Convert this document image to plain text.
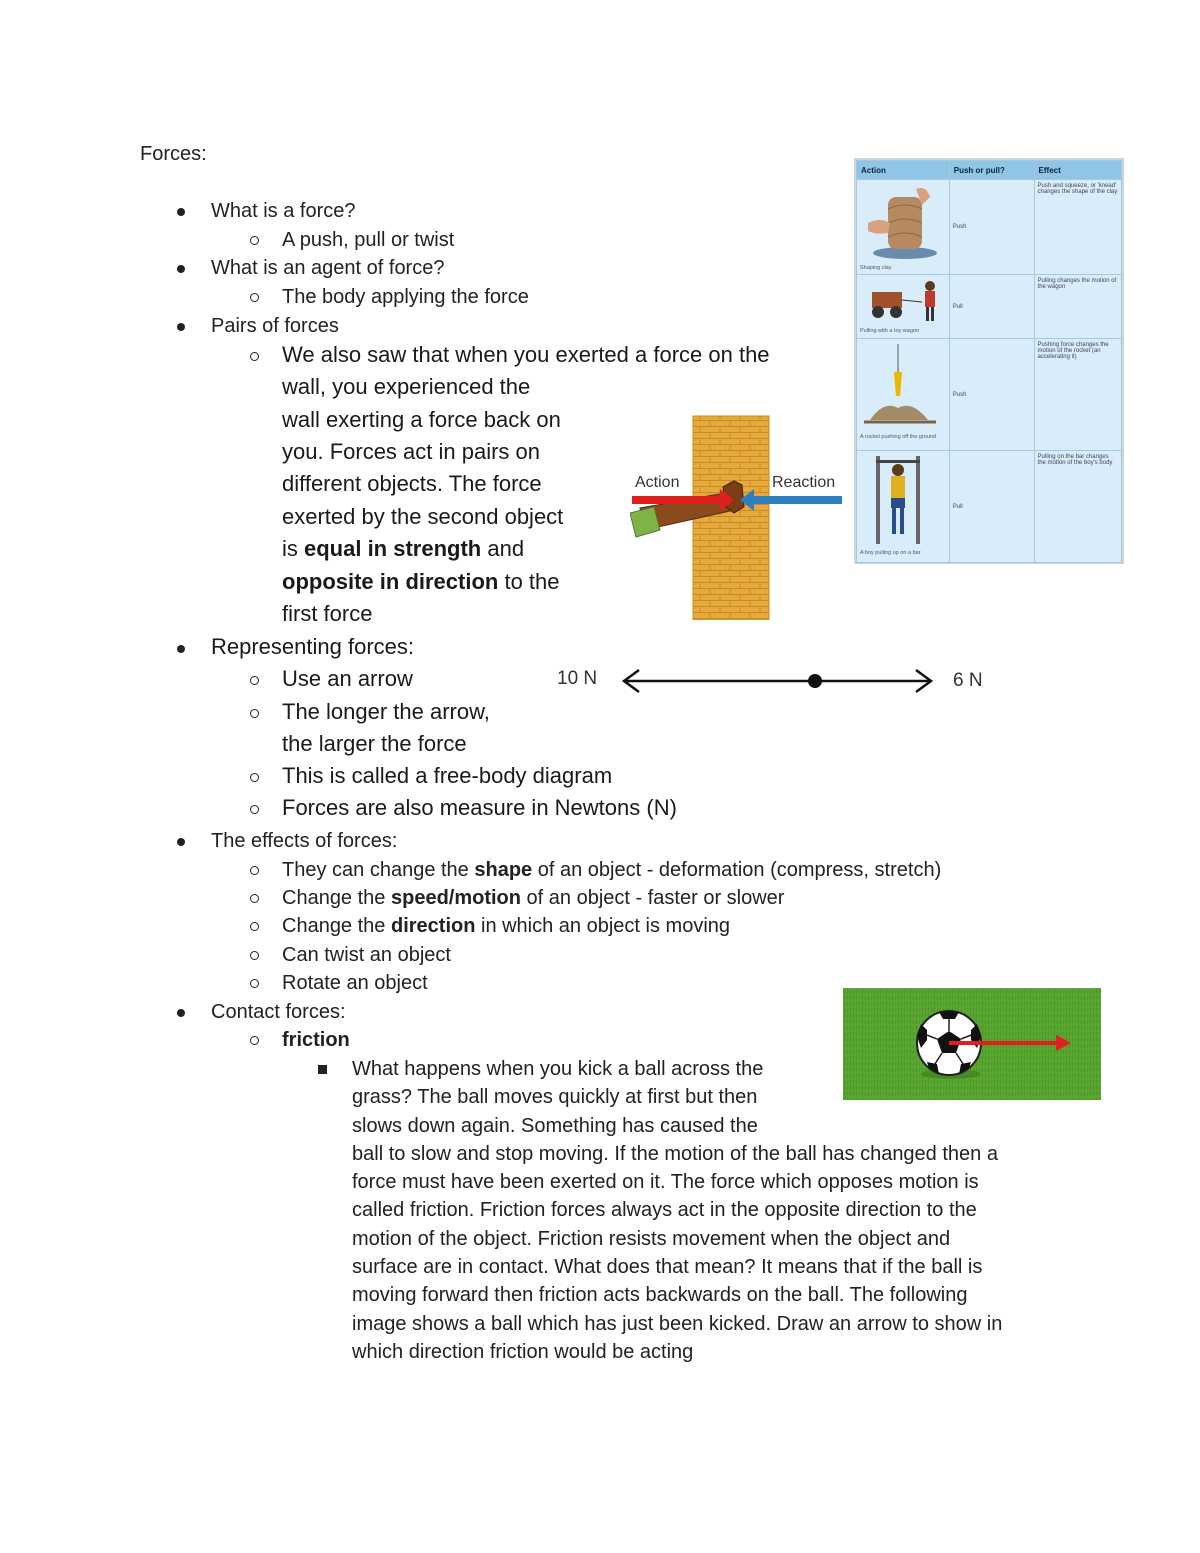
Forces:
What is a force?
A push, pull or twist
What is an agent of force?
The body applying the force
Pairs of forces
We also saw that when you exerted a force on the
wall, you experienced the
wall exerting a force back on
you. Forces act in pairs on
different objects. The force
exerted by the second object
is equal in strength and
opposite in direction to the
first force
Action	Reaction
Action	Push or pull?	Effect

Shaping clay	Push	Push and squeeze, or 'knead' changes the shape of the clay

Pulling with a toy wagon	Pull	Pulling changes the motion of the wagon

A rocket pushing off the ground	Push	Pushing force changes the motion of the rocket (an accelerating it)

A boy pulling up on a bar	Pull	Pulling on the bar changes the motion of the boy's body
Representing forces:
Use an arrow
The longer the arrow,
the larger the force
This is called a free-body diagram
Forces are also measure in Newtons (N)
10 N	6 N
The effects of forces:
They can change the shape of an object - deformation (compress, stretch)
Change the speed/motion of an object - faster or slower
Change the direction in which an object is moving
Can twist an object
Rotate an object
Contact forces:
friction
What happens when you kick a ball across the
grass? The ball moves quickly at first but then
slows down again. Something has caused the
ball to slow and stop moving. If the motion of the ball has changed then a
force must have been exerted on it. The force which opposes motion is
called friction. Friction forces always act in the opposite direction to the
motion of the object. Friction resists movement when the object and
surface are in contact. What does that mean? It means that if the ball is
moving forward then friction acts backwards on the ball. The following
image shows a ball which has just been kicked. Draw an arrow to show in
which direction friction would be acting
